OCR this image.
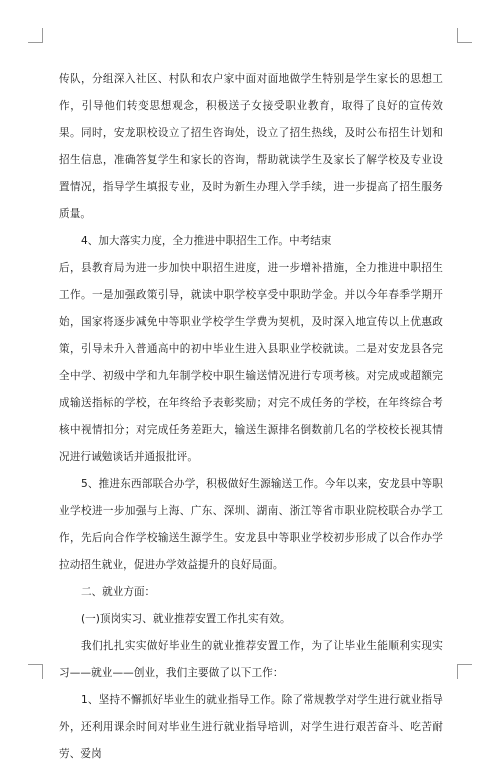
传队，分组深入社区、村队和农户家中面对面地做学生特别是学生家长的思想工作，引导他们转变思想观念，积极送子女接受职业教育，取得了良好的宣传效果。同时，安龙职校设立了招生咨询处，设立了招生热线，及时公布招生计划和招生信息，准确答复学生和家长的咨询，帮助就读学生及家长了解学校及专业设置情况，指导学生填报专业，及时为新生办理入学手续，进一步提高了招生服务质量。

4、加大落实力度，全力推进中职招生工作。中考结束

后，县教育局为进一步加快中职招生进度，进一步增补措施，全力推进中职招生工作。一是加强政策引导，就读中职学校享受中职助学金。并以今年春季学期开始，国家将逐步减免中等职业学校学生学费为契机，及时深入地宣传以上优惠政策，引导未升入普通高中的初中毕业生进入县职业学校就读。二是对安龙县各完全中学、初级中学和九年制学校中职生输送情况进行专项考核。对完成或超额完成输送指标的学校，在年终给予表彰奖励；对完不成任务的学校，在年终综合考核中视情扣分；对完成任务差距大，输送生源排名倒数前几名的学校校长视其情况进行诫勉谈话并通报批评。

5、推进东西部联合办学，积极做好生源输送工作。今年以来，安龙县中等职业学校进一步加强与上海、广东、深圳、湖南、浙江等省市职业院校联合办学工作，先后向合作学校输送生源学生。安龙县中等职业学校初步形成了以合作办学拉动招生就业，促进办学效益提升的良好局面。

二、就业方面：

(一)顶岗实习、就业推荐安置工作扎实有效。

我们扎扎实实做好毕业生的就业推荐安置工作，为了让毕业生能顺利实现实习——就业——创业，我们主要做了以下工作：

1、坚持不懈抓好毕业生的就业指导工作。除了常规教学对学生进行就业指导外，还利用课余时间对毕业生进行就业指导培训，对学生进行艰苦奋斗、吃苦耐劳、爱岗
